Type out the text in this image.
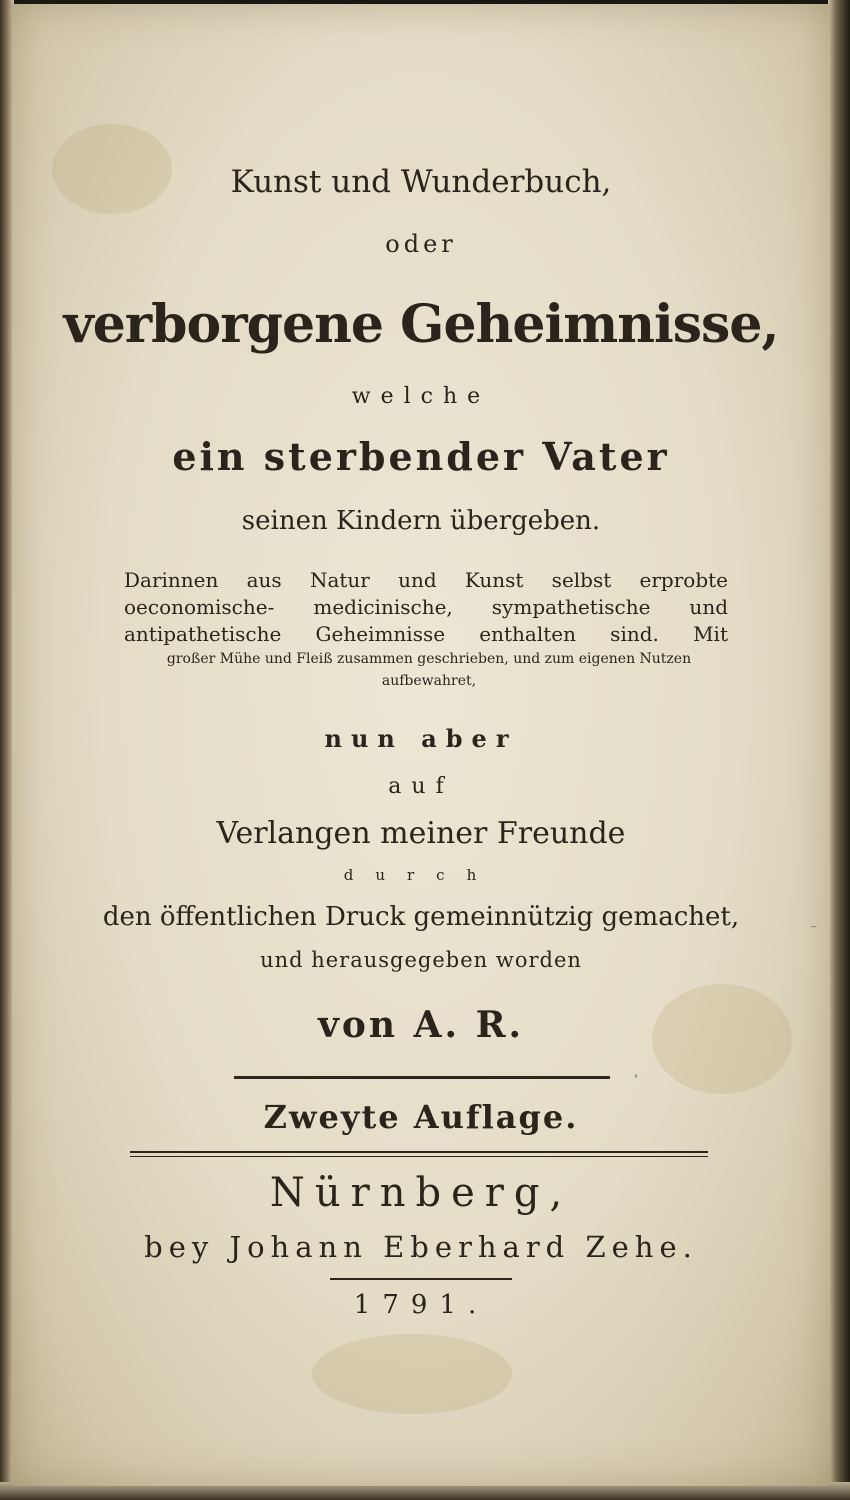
Kunst und Wunderbuch,
oder
verborgene Geheimnisse,
welche
ein sterbender Vater
seinen Kindern übergeben.
Darinnen aus Natur und Kunst selbst erprobte oeconomische- medicinische, sympathetische und antipathetische Geheimnisse enthalten sind. Mit
großer Mühe und Fleiß zusammen geschrieben, und zum eigenen Nutzen aufbewahret,
nun aber
auf
Verlangen meiner Freunde
durch
den öffentlichen Druck gemeinnützig gemachet,
und herausgegeben worden
von A. R.
Zweyte Auflage.
Nürnberg,
bey Johann Eberhard Zehe.
1791.
ˌ
⁻
